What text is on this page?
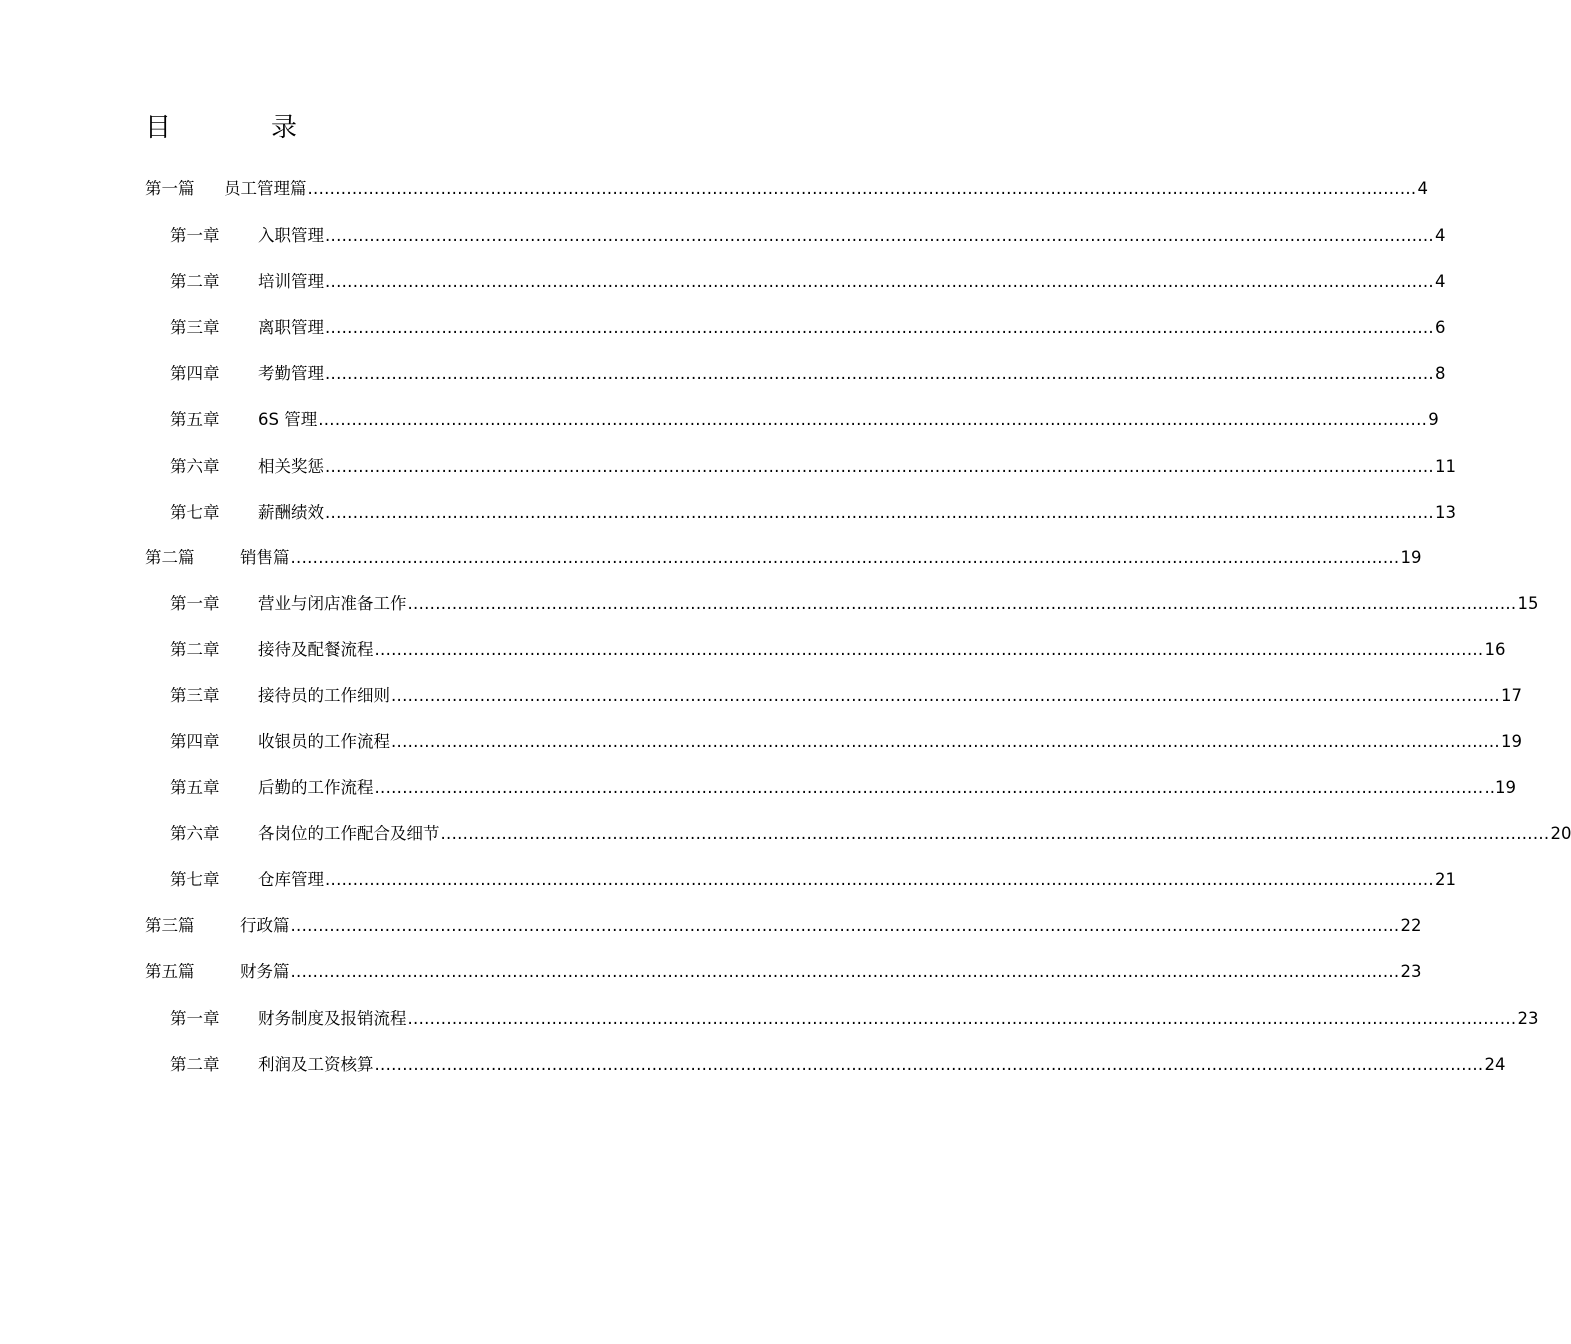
目	录
第一篇	员工管理篇 ........................................................................................................................................................................................................ 4
第一章	入职管理 ........................................................................................................................................................................................................ 4
第二章	培训管理 ........................................................................................................................................................................................................ 4
第三章	离职管理 ........................................................................................................................................................................................................ 6
第四章	考勤管理 ........................................................................................................................................................................................................ 8
第五章	6S 管理 ........................................................................................................................................................................................................ 9
第六章	相关奖惩 ........................................................................................................................................................................................................ 11
第七章	薪酬绩效 ........................................................................................................................................................................................................ 13
第二篇	销售篇 ........................................................................................................................................................................................................ 19
第一章	营业与闭店准备工作 ........................................................................................................................................................................................................ 15
第二章	接待及配餐流程 ........................................................................................................................................................................................................ 16
第三章	接待员的工作细则 ........................................................................................................................................................................................................ 17
第四章	收银员的工作流程 ........................................................................................................................................................................................................ 19
第五章	后勤的工作流程 ........................................................................................................................................................................................................ ..19
第六章	各岗位的工作配合及细节 ........................................................................................................................................................................................................ 20
第七章	仓库管理 ........................................................................................................................................................................................................ 21
第三篇	行政篇 ........................................................................................................................................................................................................ 22
第五篇	财务篇 ........................................................................................................................................................................................................ 23
第一章	财务制度及报销流程 ........................................................................................................................................................................................................ 23
第二章	利润及工资核算 ........................................................................................................................................................................................................ 24
